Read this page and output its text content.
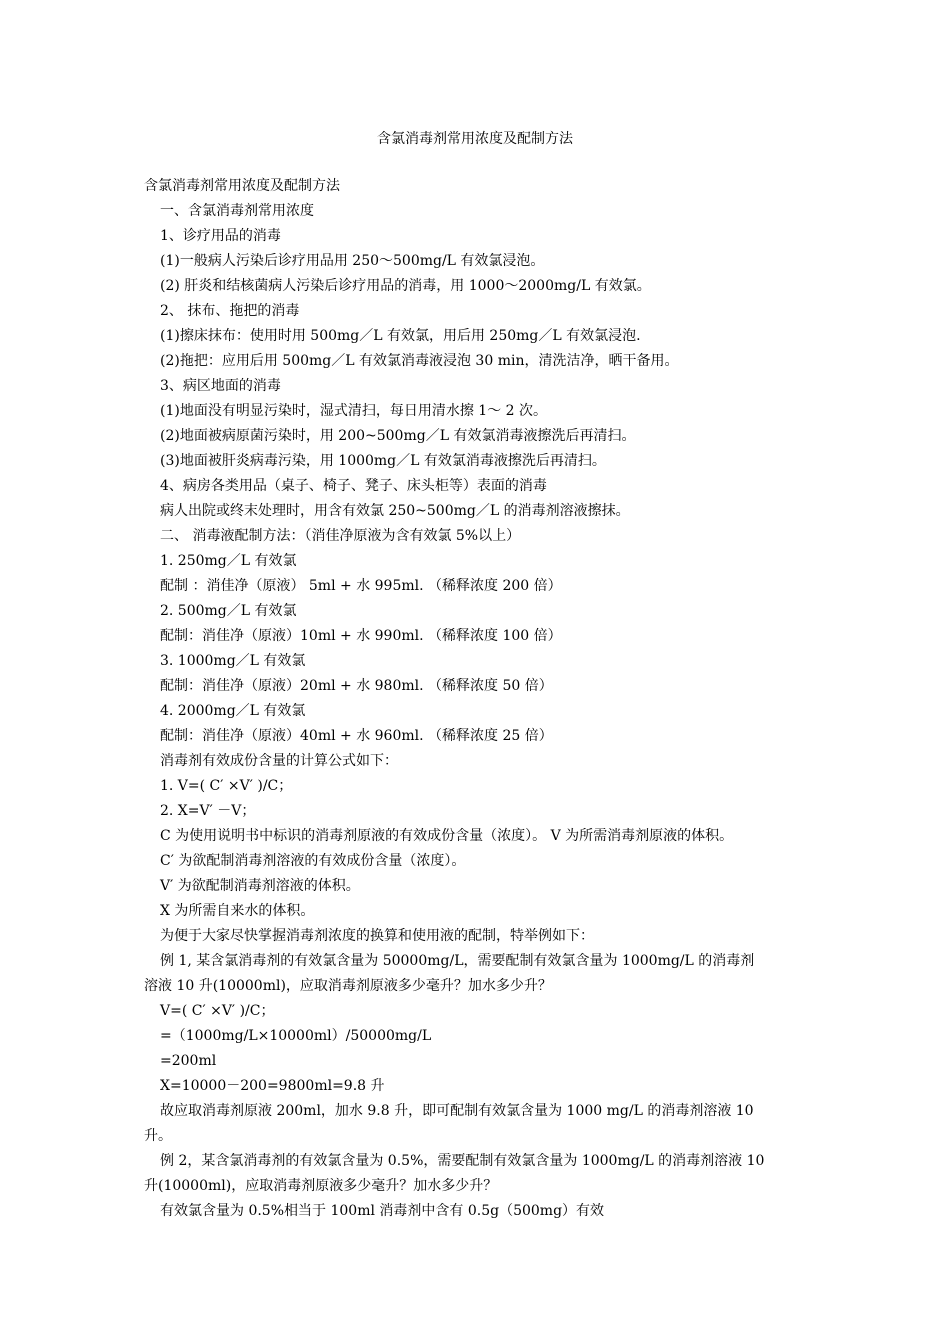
含氯消毒剂常用浓度及配制方法
含氯消毒剂常用浓度及配制方法
一、含氯消毒剂常用浓度
1、诊疗用品的消毒
(1)一般病人污染后诊疗用品用 250～500mg/L 有效氯浸泡。
(2) 肝炎和结核菌病人污染后诊疗用品的消毒，用 1000～2000mg/L 有效氯。
2、 抹布、拖把的消毒
(1)擦床抹布：使用时用 500mg／L 有效氯，用后用 250mg／L 有效氯浸泡.
(2)拖把：应用后用 500mg／L 有效氯消毒液浸泡 30 min，清洗洁净，晒干备用。
3、病区地面的消毒
(1)地面没有明显污染时，湿式清扫，每日用清水擦 1～ 2 次。
(2)地面被病原菌污染时，用 200~500mg／L 有效氯消毒液擦洗后再清扫。
(3)地面被肝炎病毒污染，用 1000mg／L 有效氯消毒液擦洗后再清扫。
4、病房各类用品（桌子、椅子、凳子、床头柜等）表面的消毒
病人出院或终末处理时，用含有效氯 250~500mg／L 的消毒剂溶液擦抹。
二、 消毒液配制方法：（消佳净原液为含有效氯 5%以上）
1. 250mg／L 有效氯
配制 ：消佳净（原液） 5ml + 水 995ml. （稀释浓度 200 倍）
2. 500mg／L 有效氯
配制：消佳净（原液）10ml + 水 990ml. （稀释浓度 100 倍）
3. 1000mg／L 有效氯
配制：消佳净（原液）20ml + 水 980ml. （稀释浓度 50 倍）
4. 2000mg／L 有效氯
配制：消佳净（原液）40ml + 水 960ml. （稀释浓度 25 倍）
消毒剂有效成份含量的计算公式如下：
1. V=( C′ ×V′ )/C；
2. X=V′ －V；
C 为使用说明书中标识的消毒剂原液的有效成份含量（浓度）。 V 为所需消毒剂原液的体积。
C′ 为欲配制消毒剂溶液的有效成份含量（浓度）。
V′ 为欲配制消毒剂溶液的体积。
X 为所需自来水的体积。
为便于大家尽快掌握消毒剂浓度的换算和使用液的配制，特举例如下：
例 1, 某含氯消毒剂的有效氯含量为 50000mg/L，需要配制有效氯含量为 1000mg/L 的消毒剂
溶液 10 升(10000ml)，应取消毒剂原液多少毫升？加水多少升？
V=( C′ ×V′ )/C；
=（1000mg/L×10000ml）/50000mg/L
=200ml
X=10000－200=9800ml=9.8 升
故应取消毒剂原液 200ml，加水 9.8 升，即可配制有效氯含量为 1000 mg/L 的消毒剂溶液 10
升。
例 2，某含氯消毒剂的有效氯含量为 0.5%，需要配制有效氯含量为 1000mg/L 的消毒剂溶液 10
升(10000ml)，应取消毒剂原液多少毫升？加水多少升？
有效氯含量为 0.5%相当于 100ml 消毒剂中含有 0.5g（500mg）有效
